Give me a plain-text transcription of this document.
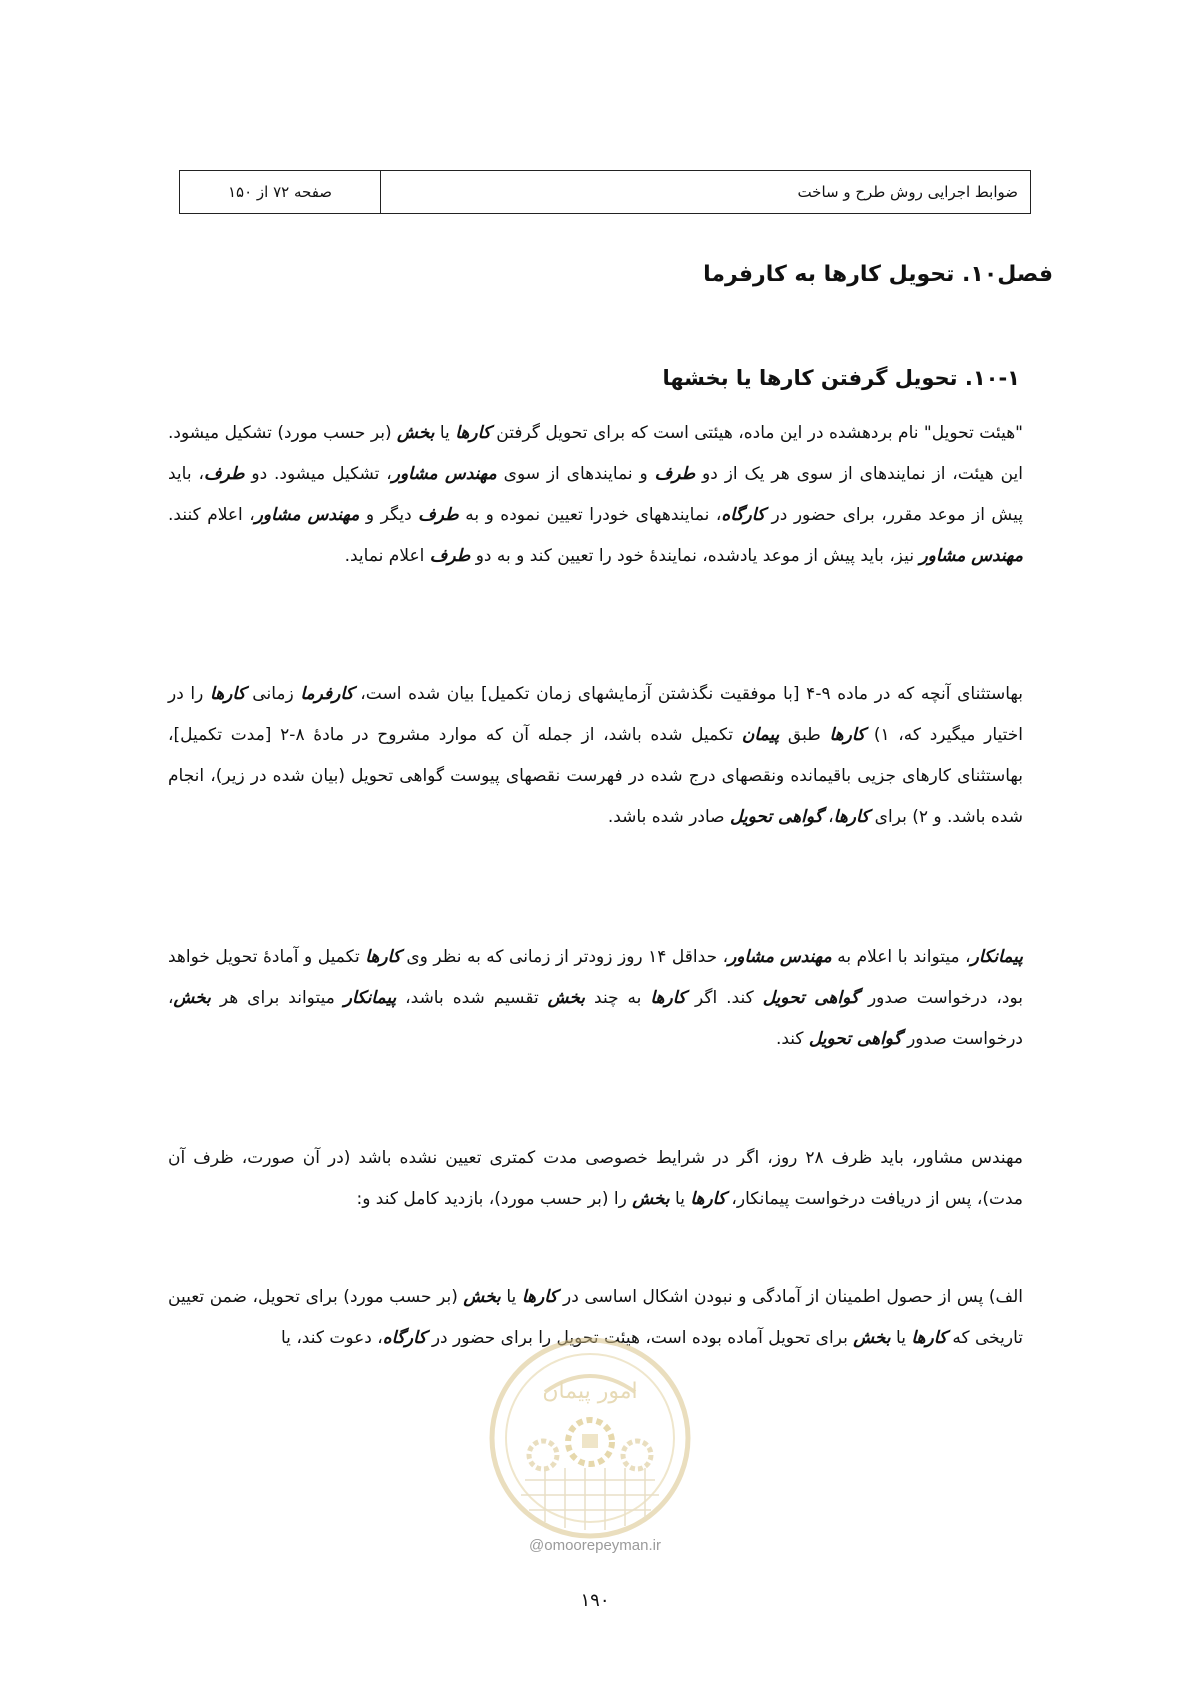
ضوابط اجرایی روش طرح و ساخت
صفحه ۷۲ از ۱۵۰
فصل۱۰. تحویل کارها به کارفرما
۱۰-۱. تحویل گرفتن کارها یا بخشها
"هیئت تحویل" نام بردهشده در این ماده، هیئتی است که برای تحویل گرفتن کارها یا بخش (بر حسب مورد) تشکیل میشود. این هیئت، از نمایندهای از سوی هر یک از دو طرف و نمایندهای از سوی مهندس مشاور، تشکیل میشود. دو طرف، باید پیش از موعد مقرر، برای حضور در کارگاه، نمایندههای خودرا تعیین نموده و به طرف دیگر و مهندس مشاور، اعلام کنند. مهندس مشاور نیز، باید پیش از موعد یادشده، نمایندۀ خود را تعیین کند و به دو طرف اعلام نماید.
بهاستثنای آنچه که در ماده ۹-۴ [با موفقیت نگذشتن آزمایشهای زمان تکمیل] بیان شده است، کارفرما زمانی کارها را در اختیار میگیرد که، ۱) کارها طبق پیمان تکمیل شده باشد، از جمله آن که موارد مشروح در مادۀ ۸-۲ [مدت تکمیل]، بهاستثنای کارهای جزیی باقیمانده ونقصهای درج شده در فهرست نقصهای پیوست گواهی تحویل (بیان شده در زیر)، انجام شده باشد. و ۲) برای کارها، گواهی تحویل صادر شده باشد.
پیمانکار، میتواند با اعلام به مهندس مشاور، حداقل ۱۴ روز زودتر از زمانی که به نظر وی کارها تکمیل و آمادۀ تحویل خواهد بود، درخواست صدور گواهی تحویل کند. اگر کارها به چند بخش تقسیم شده باشد، پیمانکار میتواند برای هر بخش، درخواست صدور گواهی تحویل کند.
مهندس مشاور، باید ظرف ۲۸ روز، اگر در شرایط خصوصی مدت کمتری تعیین نشده باشد (در آن صورت، ظرف آن مدت)، پس از دریافت درخواست پیمانکار، کارها یا بخش را (بر حسب مورد)، بازدید کامل کند و:
الف) پس از حصول اطمینان از آمادگی و نبودن اشکال اساسی در کارها یا بخش (بر حسب مورد) برای تحویل، ضمن تعیین تاریخی که کارها یا بخش برای تحویل آماده بوده است، هیئت تحویل را برای حضور در کارگاه، دعوت کند، یا
امور پیمان
@omoorepeyman.ir
۱۹۰
